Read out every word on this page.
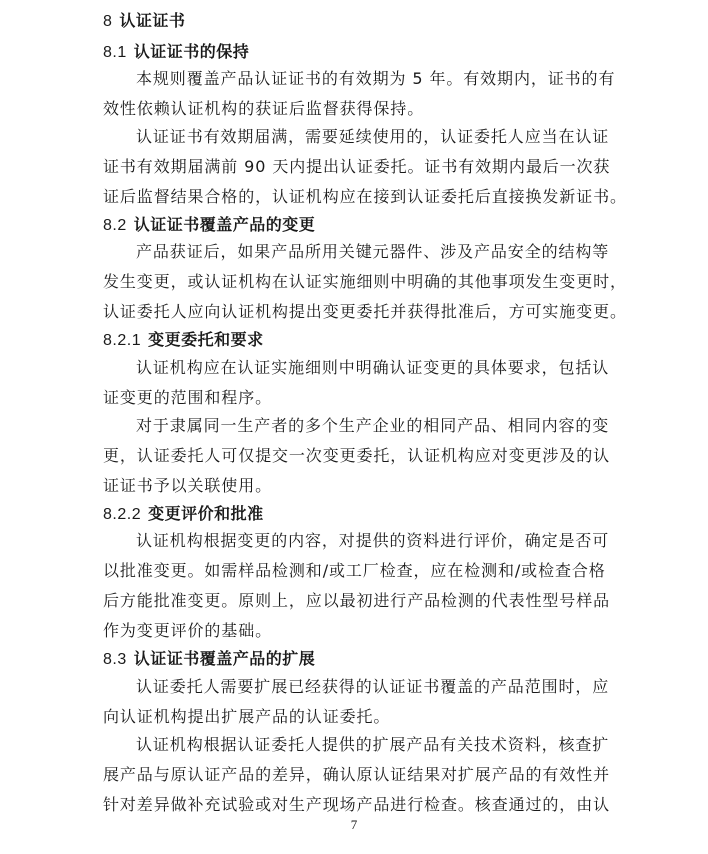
8 认证证书
8.1 认证证书的保持
本规则覆盖产品认证证书的有效期为 5 年。有效期内，证书的有
效性依赖认证机构的获证后监督获得保持。
认证证书有效期届满，需要延续使用的，认证委托人应当在认证
证书有效期届满前 90 天内提出认证委托。证书有效期内最后一次获
证后监督结果合格的，认证机构应在接到认证委托后直接换发新证书。
8.2 认证证书覆盖产品的变更
产品获证后，如果产品所用关键元器件、涉及产品安全的结构等
发生变更，或认证机构在认证实施细则中明确的其他事项发生变更时，
认证委托人应向认证机构提出变更委托并获得批准后，方可实施变更。
8.2.1 变更委托和要求
认证机构应在认证实施细则中明确认证变更的具体要求，包括认
证变更的范围和程序。
对于隶属同一生产者的多个生产企业的相同产品、相同内容的变
更，认证委托人可仅提交一次变更委托，认证机构应对变更涉及的认
证证书予以关联使用。
8.2.2 变更评价和批准
认证机构根据变更的内容，对提供的资料进行评价，确定是否可
以批准变更。如需样品检测和/或工厂检查，应在检测和/或检查合格
后方能批准变更。原则上，应以最初进行产品检测的代表性型号样品
作为变更评价的基础。
8.3 认证证书覆盖产品的扩展
认证委托人需要扩展已经获得的认证证书覆盖的产品范围时，应
向认证机构提出扩展产品的认证委托。
认证机构根据认证委托人提供的扩展产品有关技术资料，核查扩
展产品与原认证产品的差异，确认原认证结果对扩展产品的有效性并
针对差异做补充试验或对生产现场产品进行检查。核查通过的，由认
7
